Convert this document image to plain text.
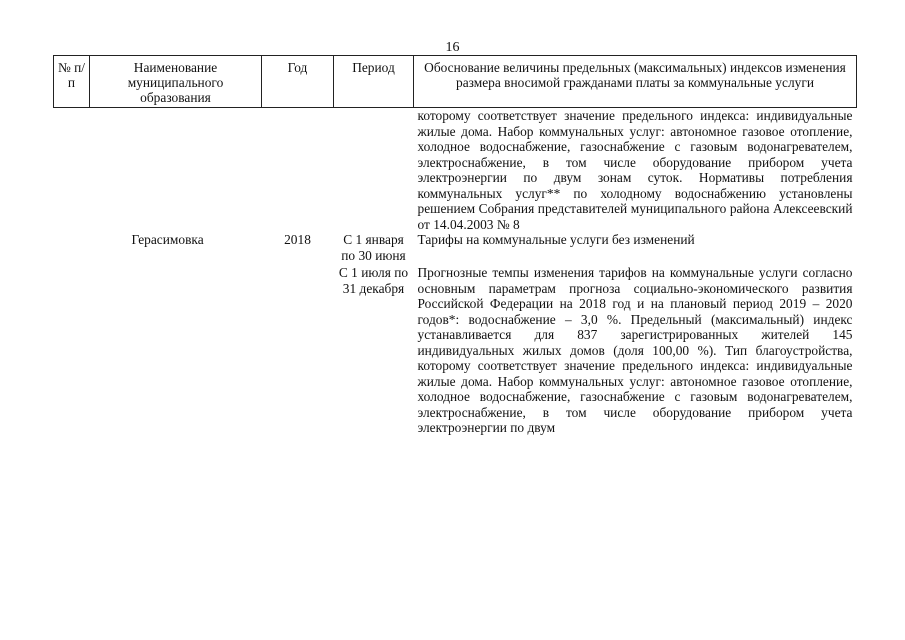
16
№ п/п	Наименование муниципального образования	Год	Период	Обоснование величины предельных (максимальных) индексов изменения размера вносимой гражданами платы за коммунальные услуги
				которому соответствует значение предельного индекса: индивидуальные жилые дома. Набор коммунальных услуг: автономное газовое отопление, холодное водоснабжение, газоснабжение с газовым водонагревателем, электроснабжение, в том числе оборудование прибором учета электроэнергии по двум зонам суток. Нормативы потребления коммунальных услуг** по холодному водоснабжению установлены решением Собрания представителей муниципального района Алексеевский от 14.04.2003 № 8
	Герасимовка	2018	С 1 января по 30 июня	Тарифы на коммунальные услуги без изменений

			С 1 июля по 31 декабря	Прогнозные темпы изменения тарифов на коммунальные услуги согласно основным параметрам прогноза социально-экономического развития Российской Федерации на 2018 год и на плановый период 2019 – 2020 годов*: водоснабжение – 3,0 %. Предельный (максимальный) индекс устанавливается для 837 зарегистрированных жителей 145 индивидуальных жилых домов (доля 100,00 %). Тип благоустройства, которому соответствует значение предельного индекса: индивидуальные жилые дома. Набор коммунальных услуг: автономное газовое отопление, холодное водоснабжение, газоснабжение с газовым водонагревателем, электроснабжение, в том числе оборудование прибором учета электроэнергии по двум
